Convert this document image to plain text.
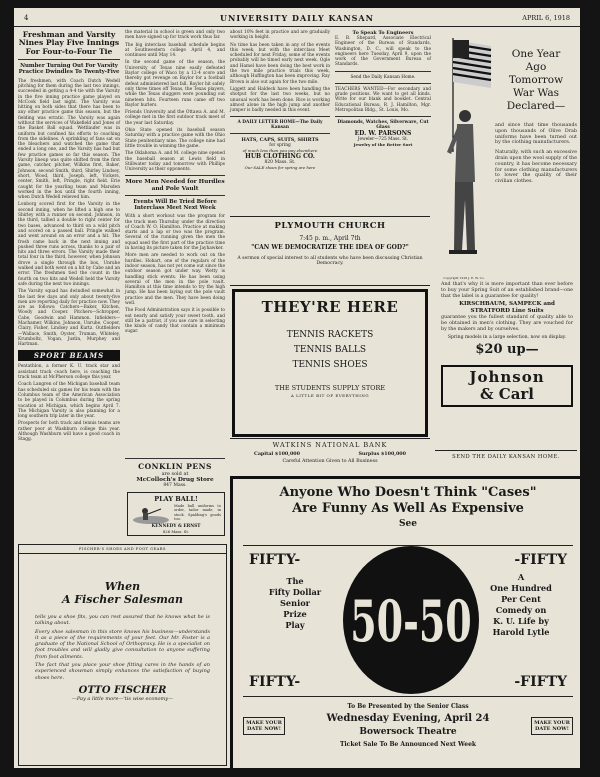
4	UNIVERSITY DAILY KANSAN	APRIL 6, 1918
Freshman and Varsity Nines Play Five Innings For Four-to-Four Tie
Number Turning Out For Varsity Practice Dwindles To Twenty-Five

The freshmen, with Coach Dutch Wedell pitching for them during the last two innings, succeeded in getting a 4-4 tie with the Varsity in the five inning practice game played on McCook field last night. The Varsity was hitting on both sides that there has been to any other practice game this season, but the fielding was erratic. The Varsity was again without the services of Wakefield and Jones of the Basket Ball squad. Wettlaufer was in uniform but confined his efforts to coaching from the sidelines. A sprinkling of fans sat on the bleachers and watched the game that ended a long one, and the Varsity has had but few practice games so far this season. The Varsity lineup was quite shifted from the first game, catcher, pitcher, Wilkins first, Baker, Johnson, second Smith, third, Shirley Lindsey, short, Wood, third, Joseph, left, Vickers, center, Smith, left, Pringle, right field. Erie caught for the yearling team and Marsden worked in the box until the fourth inning, when Dutch Wedell relieved him.

Lonborg scored first for the Varsity in the second inning, when he lifted a high one to Shirley with a runner on second. Johnson, in the third, tallied a double to right center for two bases, advanced to third on a wild pitch and scored on a passed ball. Pringle walked and went around on an error and a hit. The frosh came back in the next inning and pushed three runs across, thanks to a pair of hits and three errors. The Varsity made their total four in the third, however, when Johnson drove a single through the box, Unruhe walked and both went on a hit by Cabe and an error. The freshmen tied the count in the fourth on two hits and Wedell held the Varsity safe during the next two innings.

The Varsity squad has dwindled somewhat in the last few days and only about twenty-five men are reporting daily for practice now. They are as follows: Catchers—Baker, Kitchen, Woody and Cooper. Pitchers—Schropper, Cabe, Goodwin and Hammon. Infielders—Machamer, Wilkins, Johnson, Unruhe, Cooper, Clairy, Fisher, Lindsey and Kurtz. Outfielders—Wallace, Smith, Oyster, Truman, Whiteley, Krumboltz, Vogan, Justin, Murphey and Hartman.

SPORT BEAMS

Pentathlon, a former K. U. track star and assistant track coach here, is coaching the track team at McPherson college this year.

Coach Langren of the Michigan baseball team has scheduled six games for his team with the Columbus team of the American Association to be played in Columbus during the spring vacation at Michigan, which begins April 7. The Michigan Varsity is also planning for a long southern trip later in the year.

Prospects for both track and tennis teams are rather poor at Washburn college this year. Although Washburn will have a good coach in Stagg.

the material in school is green and only two men have signed up for track work thus far.

The big interclass baseball schedule begins at Southwestern college April 4, and continues until May 14.

In the second game of the season, the University of Texas nine easily defeated Baylor college of Waco by a 12-4 score and thereby got revenge on Baylor for a football defeat administered last fall. Baylor hit safely only three times off Texas, the Texas players, while the Texas sluggers were pounding out nineteen hits. Fourteen runs came off two Baylor hurlers.

Friends University and the Ottawa A. and M. college met in the first outdoor track meet of the year last Saturday.

Ohio State opened its baseball season Saturday with a practice game with the Ohio State penitentiary nine. The college nine had little trouble in winning the game.

The Oklahoma A. and M. college nine opened the baseball season at Lewis field in Stillwater today and tomorrow with Phillips University as their opponents.

More Men Needed for Hurdles and Pole Vault
Events Will Be Tried Before Interclass Meet Next Week

With a short workout was the program for the track men Thursday under the direction of Coach W. O. Hamilton. Practice at making starts and a lap or two was the program. Several of the running given the men the squad used the first part of the practice time in having its picture taken for the Jayhawker.

More men are needed to work out on the hurdles. Hobart, one of the regulars of the indoor season, has not yet come out since the outdoor season got under way. Wetty is handling stick events. He has been using several of the men in the pole vault. Hamilton at this time intends to try the high jump. He has been laying out the pole vault practice and the men. They have been doing well.

The Food Administration says it is possible to eat nearly and satisfy your sweet tooth, and still be a patriot, if you use care in selecting the kinds of candy that contain a minimum sugar.

CONKLIN PENS
are sold at
McColloch's Drug Store
847 Mass.
PLAY BALL!
Made ball uniforms to order, tailor made, in stock. Spalding's goods too.
KENNEDY & ERNST
826 Mass. St.

about 10% feet in practice and are gradually working in height.

No time has been taken in any of the events this week, but with the interclass Meet scheduled for next Friday, some of the events probably will be timed early next week. Ogle and Hamel have been doing the best work in the two mile practice trials this week, although Huffington has been improving. Ray Brown is also out again for the two mile.

Liggett and Haldeck have been handling the shotput for the last two weeks, but no unusual work has been done. Rice is working almost alone in the high jump and another jumper is badly needed in this event.

A DAILY LETTER HOME—The Daily Kansan
HATS, CAPS, SUITS, SHIRTS
for spring
of much less than you pay elsewhere
HUB CLOTHING CO.
820 Mass. St.
Our SALE shoes for spring are here
To Speak To Engineers

E. B. Shepard, Associate Electrical Engineer of the Bureau of Standards, Washington, D. C., will speak to the engineers here Tuesday, April 9, upon the work of the Government Bureau of Standards.

Send the Daily Kansan Home.

TEACHERS WANTED—For secondary and grade positions. We want to get all kinds. Write for our blank and booklet. Central Educational Bureau, R. J. Hamilton, Mgr. Metropolitan Bldg., St. Louis, Mo.

Diamonds, Watches, Silverware, Cut Glass
ED. W. PARSONS
Jeweler—725 Mass. St.
Jewelry of the Better Sort
PLYMOUTH CHURCH
7:45 p. m., April 7th
"CAN WE DEMOCRATIZE THE IDEA OF GOD?"
A sermon of special interest to all students who have been discussing Christian Democracy.
THEY'RE HERE
TENNIS RACKETS
TENNIS BALLS
TENNIS SHOES
THE STUDENTS SUPPLY STORE
A LITTLE BIT OF EVERYTHING
WATKINS NATIONAL BANK
Capital $100,000	Surplus $100,000
Careful Attention Given to All Business
Copyright 1918 J. E. W. Co.
One Year
Ago
Tomorrow
War Was
Declared—

and since that time thousands upon thousands of Olive Drab uniforms have been turned out by the clothing manufacturers.

Naturally, with such an excessive drain upon the wool supply of the country, it has become necessary for some clothing manufacturers to lower the quality of their civilian clothes.

And that's why it is more important than ever before to buy your Spring Suit of an established brand—one that the label is a guarantee for quality!

KIRSCHBAUM, SAMPECK and STRATFORD Line Suits

guarantee you the fullest standard of quality able to be obtained in men's clothing. They are vouched for by the makers and by ourselves.

Spring models in a large selection, now on display.

$20 up—
Johnson
& Carl
SEND THE DAILY KANSAN HOME.
FISCHER'S SHOES AND FOOT GEARS
When
A Fischer Salesman

tells you a shoe fits, you can rest assured that he knows what he is talking about.

Every shoe salesman in this store knows his business—understands it as a piece of the requirements of your feet. Our Mr. Foster is a graduate of the National School of Orthopraxy. He is a specialist on foot troubles and will gladly give consultation to anyone suffering from foot ailments.

The fact that you place your shoe fitting cares in the hands of an experienced showman simply enhances the satisfaction of buying shoes here.

OTTO FISCHER
—Pay a little more—'tis wise economy—
Anyone Who Doesn't Think "Cases"
Are Funny As Well As Expensive
See
FIFTY-	-FIFTY
FIFTY-	-FIFTY
The
Fifty Dollar
Senior
Prize
Play	50-50
A
One Hundred
Per Cent
Comedy on
K. U. Life by
Harold Lytle
To Be Presented by the Senior Class
Wednesday Evening, April 24
Bowersock Theatre
Ticket Sale To Be Announced Next Week
MAKE YOUR DATE NOW!
MAKE YOUR DATE NOW!
